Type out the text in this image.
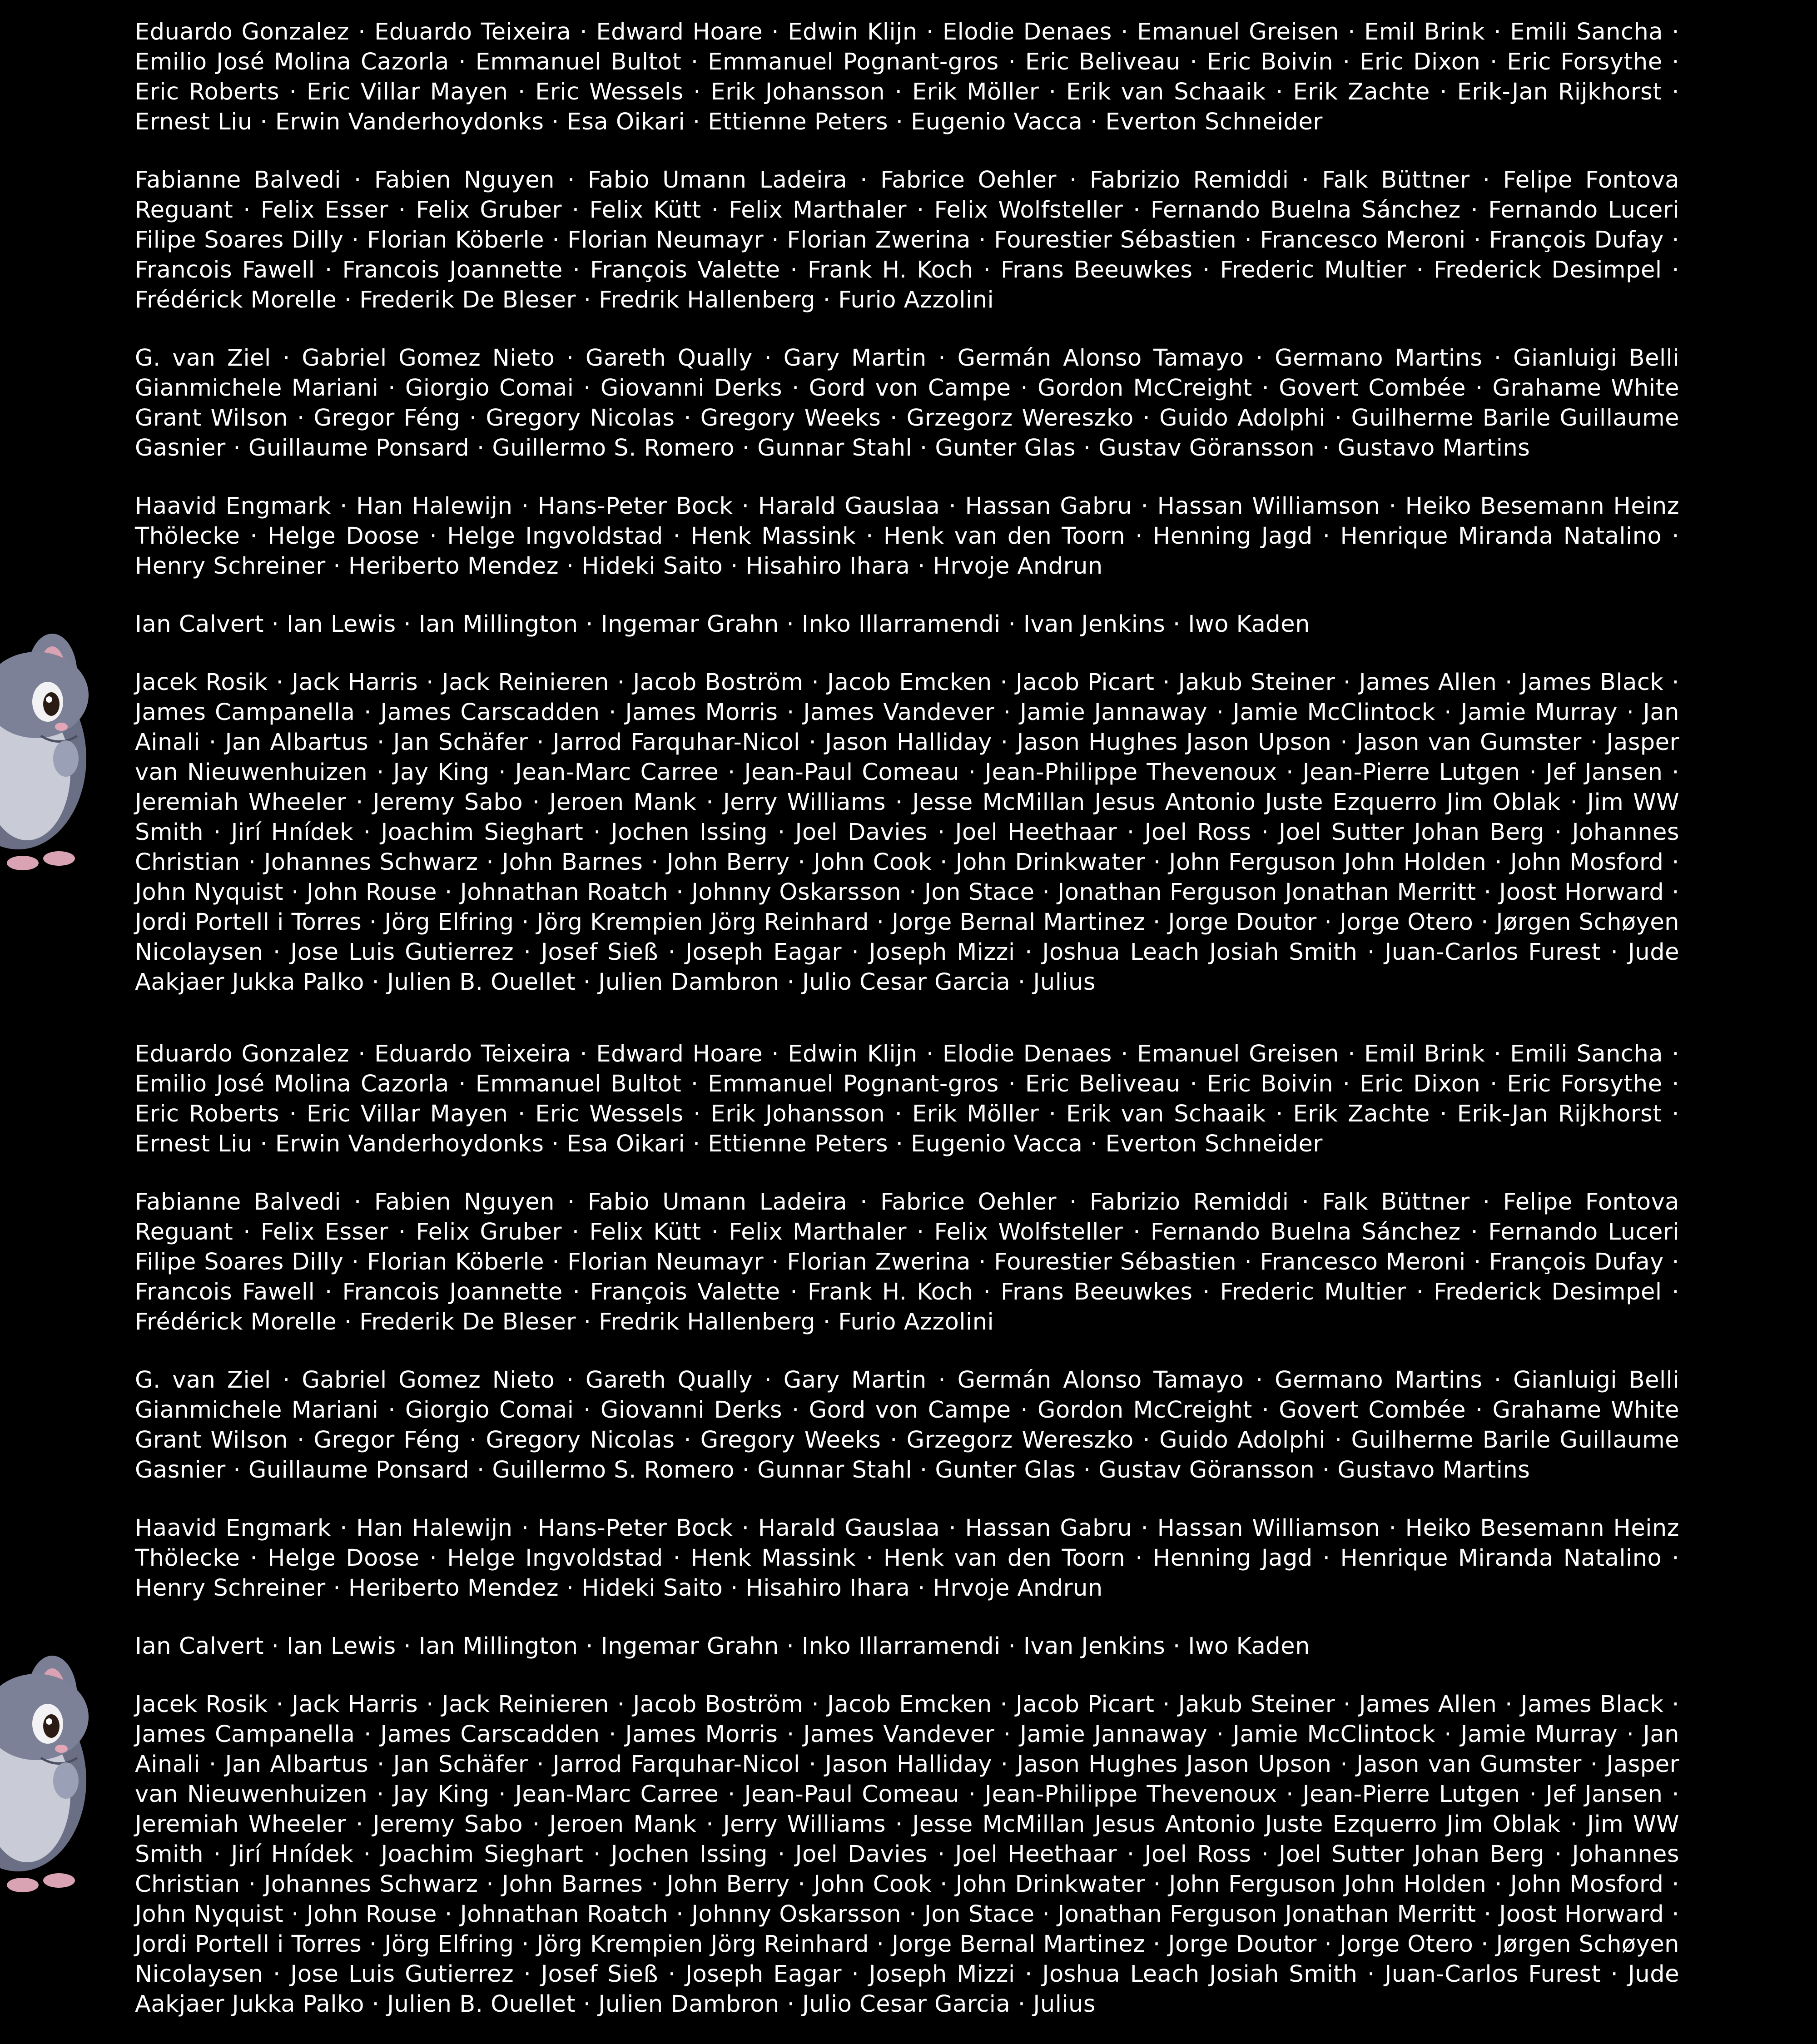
Eduardo Gonzalez · Eduardo Teixeira · Edward Hoare · Edwin Klijn · Elodie Denaes · Emanuel Greisen · Emil Brink · Emili Sancha · Emilio José Molina Cazorla · Emmanuel Bultot · Emmanuel Pognant-gros · Eric Beliveau · Eric Boivin · Eric Dixon · Eric Forsythe · Eric Roberts · Eric Villar Mayen · Eric Wessels · Erik Johansson · Erik Möller · Erik van Schaaik · Erik Zachte · Erik-Jan Rijkhorst · Ernest Liu · Erwin Vanderhoydonks · Esa Oikari · Ettienne Peters · Eugenio Vacca · Everton Schneider

Fabianne Balvedi · Fabien Nguyen · Fabio Umann Ladeira · Fabrice Oehler · Fabrizio Remiddi · Falk Büttner · Felipe Fontova Reguant · Felix Esser · Felix Gruber · Felix Kütt · Felix Marthaler · Felix Wolfsteller · Fernando Buelna Sánchez · Fernando Luceri Filipe Soares Dilly · Florian Köberle · Florian Neumayr · Florian Zwerina · Fourestier Sébastien · Francesco Meroni · François Dufay · Francois Fawell · Francois Joannette · François Valette · Frank H. Koch · Frans Beeuwkes · Frederic Multier · Frederick Desimpel · Frédérick Morelle · Frederik De Bleser · Fredrik Hallenberg · Furio Azzolini

G. van Ziel · Gabriel Gomez Nieto · Gareth Qually · Gary Martin · Germán Alonso Tamayo · Germano Martins · Gianluigi Belli Gianmichele Mariani · Giorgio Comai · Giovanni Derks · Gord von Campe · Gordon McCreight · Govert Combée · Grahame White Grant Wilson · Gregor Féng · Gregory Nicolas · Gregory Weeks · Grzegorz Wereszko · Guido Adolphi · Guilherme Barile Guillaume Gasnier · Guillaume Ponsard · Guillermo S. Romero · Gunnar Stahl · Gunter Glas · Gustav Göransson · Gustavo Martins

Haavid Engmark · Han Halewijn · Hans-Peter Bock · Harald Gauslaa · Hassan Gabru · Hassan Williamson · Heiko Besemann Heinz Thölecke · Helge Doose · Helge Ingvoldstad · Henk Massink · Henk van den Toorn · Henning Jagd · Henrique Miranda Natalino · Henry Schreiner · Heriberto Mendez · Hideki Saito · Hisahiro Ihara · Hrvoje Andrun

Ian Calvert · Ian Lewis · Ian Millington · Ingemar Grahn · Inko Illarramendi · Ivan Jenkins · Iwo Kaden

Jacek Rosik · Jack Harris · Jack Reinieren · Jacob Boström · Jacob Emcken · Jacob Picart · Jakub Steiner · James Allen · James Black · James Campanella · James Carscadden · James Morris · James Vandever · Jamie Jannaway · Jamie McClintock · Jamie Murray · Jan Ainali · Jan Albartus · Jan Schäfer · Jarrod Farquhar-Nicol · Jason Halliday · Jason Hughes Jason Upson · Jason van Gumster · Jasper van Nieuwenhuizen · Jay King · Jean-Marc Carree · Jean-Paul Comeau · Jean-Philippe Thevenoux · Jean-Pierre Lutgen · Jef Jansen · Jeremiah Wheeler · Jeremy Sabo · Jeroen Mank · Jerry Williams · Jesse McMillan Jesus Antonio Juste Ezquerro Jim Oblak · Jim WW Smith · Jirí Hnídek · Joachim Sieghart · Jochen Issing · Joel Davies · Joel Heethaar · Joel Ross · Joel Sutter Johan Berg · Johannes Christian · Johannes Schwarz · John Barnes · John Berry · John Cook · John Drinkwater · John Ferguson John Holden · John Mosford · John Nyquist · John Rouse · Johnathan Roatch · Johnny Oskarsson · Jon Stace · Jonathan Ferguson Jonathan Merritt · Joost Horward · Jordi Portell i Torres · Jörg Elfring · Jörg Krempien Jörg Reinhard · Jorge Bernal Martinez · Jorge Doutor · Jorge Otero · Jørgen Schøyen Nicolaysen · Jose Luis Gutierrez · Josef Sieß · Joseph Eagar · Joseph Mizzi · Joshua Leach Josiah Smith · Juan-Carlos Furest · Jude Aakjaer Jukka Palko · Julien B. Ouellet · Julien Dambron · Julio Cesar Garcia · Julius

Eduardo Gonzalez · Eduardo Teixeira · Edward Hoare · Edwin Klijn · Elodie Denaes · Emanuel Greisen · Emil Brink · Emili Sancha · Emilio José Molina Cazorla · Emmanuel Bultot · Emmanuel Pognant-gros · Eric Beliveau · Eric Boivin · Eric Dixon · Eric Forsythe · Eric Roberts · Eric Villar Mayen · Eric Wessels · Erik Johansson · Erik Möller · Erik van Schaaik · Erik Zachte · Erik-Jan Rijkhorst · Ernest Liu · Erwin Vanderhoydonks · Esa Oikari · Ettienne Peters · Eugenio Vacca · Everton Schneider

Fabianne Balvedi · Fabien Nguyen · Fabio Umann Ladeira · Fabrice Oehler · Fabrizio Remiddi · Falk Büttner · Felipe Fontova Reguant · Felix Esser · Felix Gruber · Felix Kütt · Felix Marthaler · Felix Wolfsteller · Fernando Buelna Sánchez · Fernando Luceri Filipe Soares Dilly · Florian Köberle · Florian Neumayr · Florian Zwerina · Fourestier Sébastien · Francesco Meroni · François Dufay · Francois Fawell · Francois Joannette · François Valette · Frank H. Koch · Frans Beeuwkes · Frederic Multier · Frederick Desimpel · Frédérick Morelle · Frederik De Bleser · Fredrik Hallenberg · Furio Azzolini

G. van Ziel · Gabriel Gomez Nieto · Gareth Qually · Gary Martin · Germán Alonso Tamayo · Germano Martins · Gianluigi Belli Gianmichele Mariani · Giorgio Comai · Giovanni Derks · Gord von Campe · Gordon McCreight · Govert Combée · Grahame White Grant Wilson · Gregor Féng · Gregory Nicolas · Gregory Weeks · Grzegorz Wereszko · Guido Adolphi · Guilherme Barile Guillaume Gasnier · Guillaume Ponsard · Guillermo S. Romero · Gunnar Stahl · Gunter Glas · Gustav Göransson · Gustavo Martins

Haavid Engmark · Han Halewijn · Hans-Peter Bock · Harald Gauslaa · Hassan Gabru · Hassan Williamson · Heiko Besemann Heinz Thölecke · Helge Doose · Helge Ingvoldstad · Henk Massink · Henk van den Toorn · Henning Jagd · Henrique Miranda Natalino · Henry Schreiner · Heriberto Mendez · Hideki Saito · Hisahiro Ihara · Hrvoje Andrun

Ian Calvert · Ian Lewis · Ian Millington · Ingemar Grahn · Inko Illarramendi · Ivan Jenkins · Iwo Kaden

Jacek Rosik · Jack Harris · Jack Reinieren · Jacob Boström · Jacob Emcken · Jacob Picart · Jakub Steiner · James Allen · James Black · James Campanella · James Carscadden · James Morris · James Vandever · Jamie Jannaway · Jamie McClintock · Jamie Murray · Jan Ainali · Jan Albartus · Jan Schäfer · Jarrod Farquhar-Nicol · Jason Halliday · Jason Hughes Jason Upson · Jason van Gumster · Jasper van Nieuwenhuizen · Jay King · Jean-Marc Carree · Jean-Paul Comeau · Jean-Philippe Thevenoux · Jean-Pierre Lutgen · Jef Jansen · Jeremiah Wheeler · Jeremy Sabo · Jeroen Mank · Jerry Williams · Jesse McMillan Jesus Antonio Juste Ezquerro Jim Oblak · Jim WW Smith · Jirí Hnídek · Joachim Sieghart · Jochen Issing · Joel Davies · Joel Heethaar · Joel Ross · Joel Sutter Johan Berg · Johannes Christian · Johannes Schwarz · John Barnes · John Berry · John Cook · John Drinkwater · John Ferguson John Holden · John Mosford · John Nyquist · John Rouse · Johnathan Roatch · Johnny Oskarsson · Jon Stace · Jonathan Ferguson Jonathan Merritt · Joost Horward · Jordi Portell i Torres · Jörg Elfring · Jörg Krempien Jörg Reinhard · Jorge Bernal Martinez · Jorge Doutor · Jorge Otero · Jørgen Schøyen Nicolaysen · Jose Luis Gutierrez · Josef Sieß · Joseph Eagar · Joseph Mizzi · Joshua Leach Josiah Smith · Juan-Carlos Furest · Jude Aakjaer Jukka Palko · Julien B. Ouellet · Julien Dambron · Julio Cesar Garcia · Julius
